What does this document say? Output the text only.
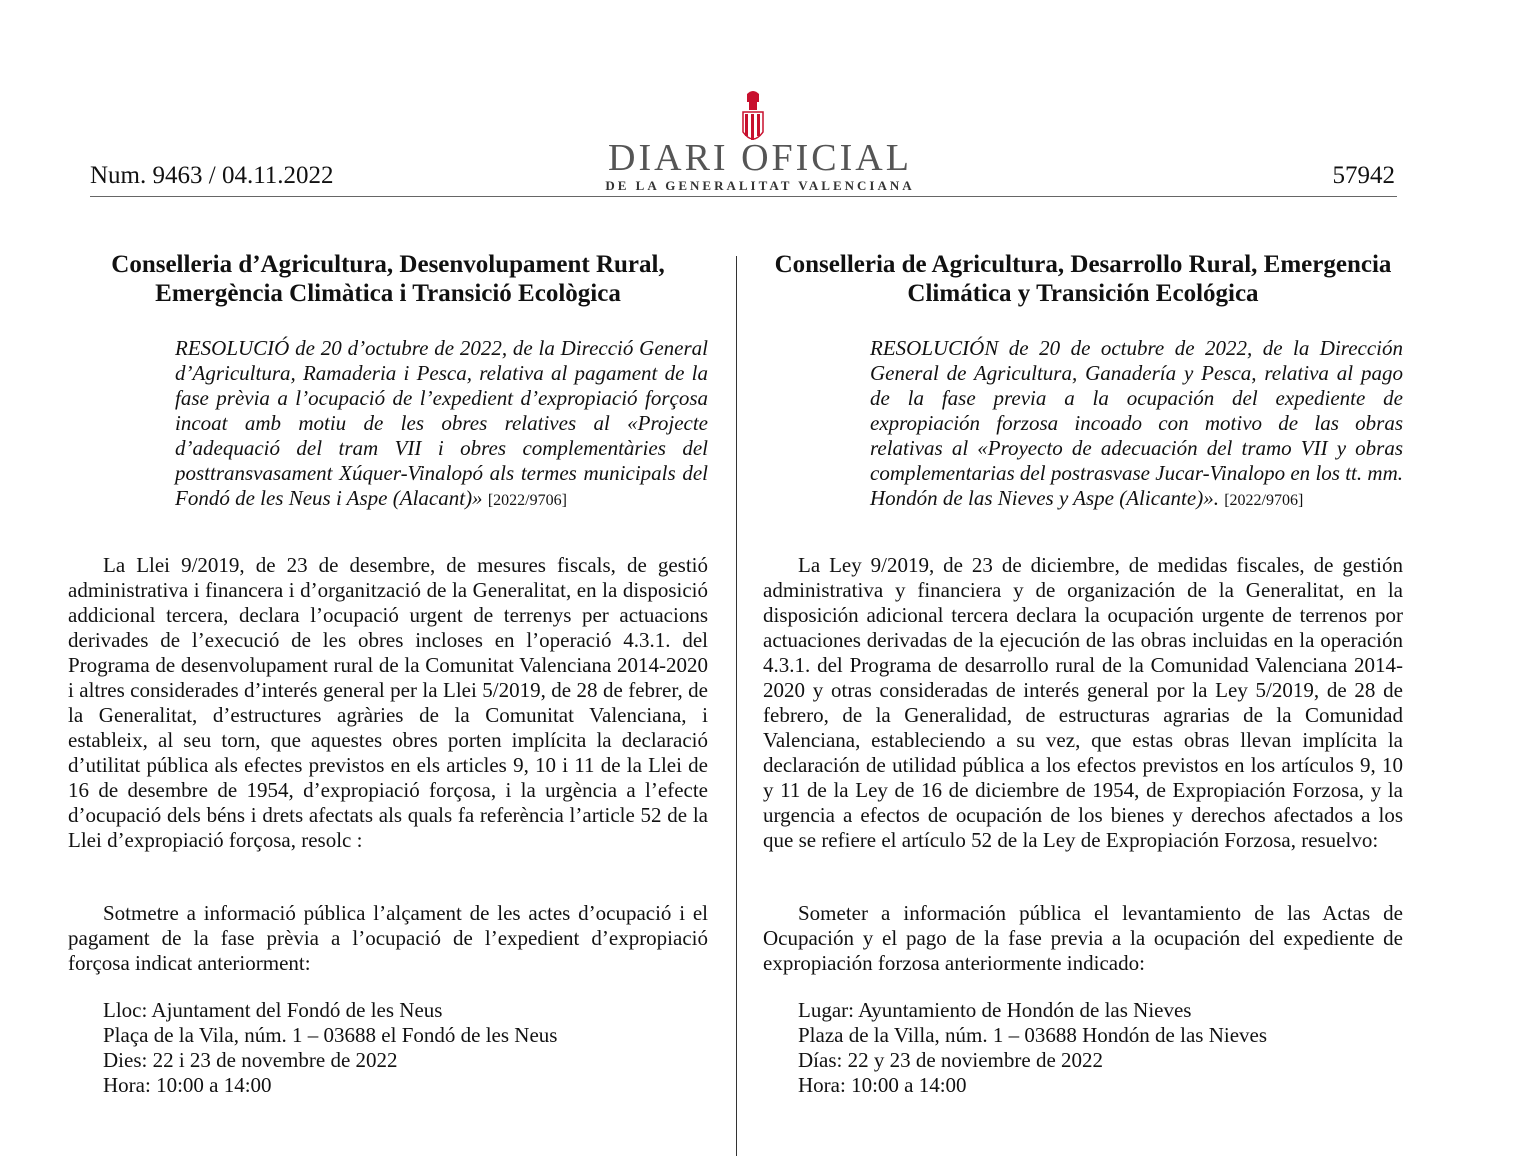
Num. 9463 / 04.11.2022	DIARI OFICIAL
DE LA GENERALITAT VALENCIANA	57942
Conselleria d’Agricultura, Desenvolupament Rural, Emergència Climàtica i Transició Ecològica
RESOLUCIÓ de 20 d’octubre de 2022, de la Direcció General d’Agricultura, Ramaderia i Pesca, relativa al pagament de la fase prèvia a l’ocupació de l’expedient d’expropiació forçosa incoat amb motiu de les obres relatives al «Projecte d’adequació del tram VII i obres complementàries del posttransvasament Xúquer-Vinalopó als termes municipals del Fondó de les Neus i Aspe (Alacant)» [2022/9706]

La Llei 9/2019, de 23 de desembre, de mesures fiscals, de gestió administrativa i financera i d’organització de la Generalitat, en la disposició addicional tercera, declara l’ocupació urgent de terrenys per actuacions derivades de l’execució de les obres incloses en l’operació 4.3.1. del Programa de desenvolupament rural de la Comunitat Valenciana 2014-2020 i altres considerades d’interés general per la Llei 5/2019, de 28 de febrer, de la Generalitat, d’estructures agràries de la Comunitat Valenciana, i estableix, al seu torn, que aquestes obres porten implícita la declaració d’utilitat pública als efectes previstos en els articles 9, 10 i 11 de la Llei de 16 de desembre de 1954, d’expropiació forçosa, i la urgència a l’efecte d’ocupació dels béns i drets afectats als quals fa referència l’article 52 de la Llei d’expropiació forçosa, resolc :

Sotmetre a informació pública l’alçament de les actes d’ocupació i el pagament de la fase prèvia a l’ocupació de l’expedient d’expropiació forçosa indicat anteriorment:

Lloc: Ajuntament del Fondó de les Neus
Plaça de la Vila, núm. 1 – 03688 el Fondó de les Neus
Dies: 22 i 23 de novembre de 2022
Hora: 10:00 a 14:00
Conselleria de Agricultura, Desarrollo Rural, Emergencia Climática y Transición Ecológica
RESOLUCIÓN de 20 de octubre de 2022, de la Dirección General de Agricultura, Ganadería y Pesca, relativa al pago de la fase previa a la ocupación del expediente de expropiación forzosa incoado con motivo de las obras relativas al «Proyecto de adecuación del tramo VII y obras complementarias del postrasvase Jucar-Vinalopo en los tt. mm. Hondón de las Nieves y Aspe (Alicante)». [2022/9706]

La Ley 9/2019, de 23 de diciembre, de medidas fiscales, de gestión administrativa y financiera y de organización de la Generalitat, en la disposición adicional tercera declara la ocupación urgente de terrenos por actuaciones derivadas de la ejecución de las obras incluidas en la operación 4.3.1. del Programa de desarrollo rural de la Comunidad Valenciana 2014-2020 y otras consideradas de interés general por la Ley 5/2019, de 28 de febrero, de la Generalidad, de estructuras agrarias de la Comunidad Valenciana, estableciendo a su vez, que estas obras llevan implícita la declaración de utilidad pública a los efectos previstos en los artículos 9, 10 y 11 de la Ley de 16 de diciembre de 1954, de Expropiación Forzosa, y la urgencia a efectos de ocupación de los bienes y derechos afectados a los que se refiere el artículo 52 de la Ley de Expropiación Forzosa, resuelvo:

Someter a información pública el levantamiento de las Actas de Ocupación y el pago de la fase previa a la ocupación del expediente de expropiación forzosa anteriormente indicado:

Lugar: Ayuntamiento de Hondón de las Nieves
Plaza de la Villa, núm. 1 – 03688 Hondón de las Nieves
Días: 22 y 23 de noviembre de 2022
Hora: 10:00 a 14:00
